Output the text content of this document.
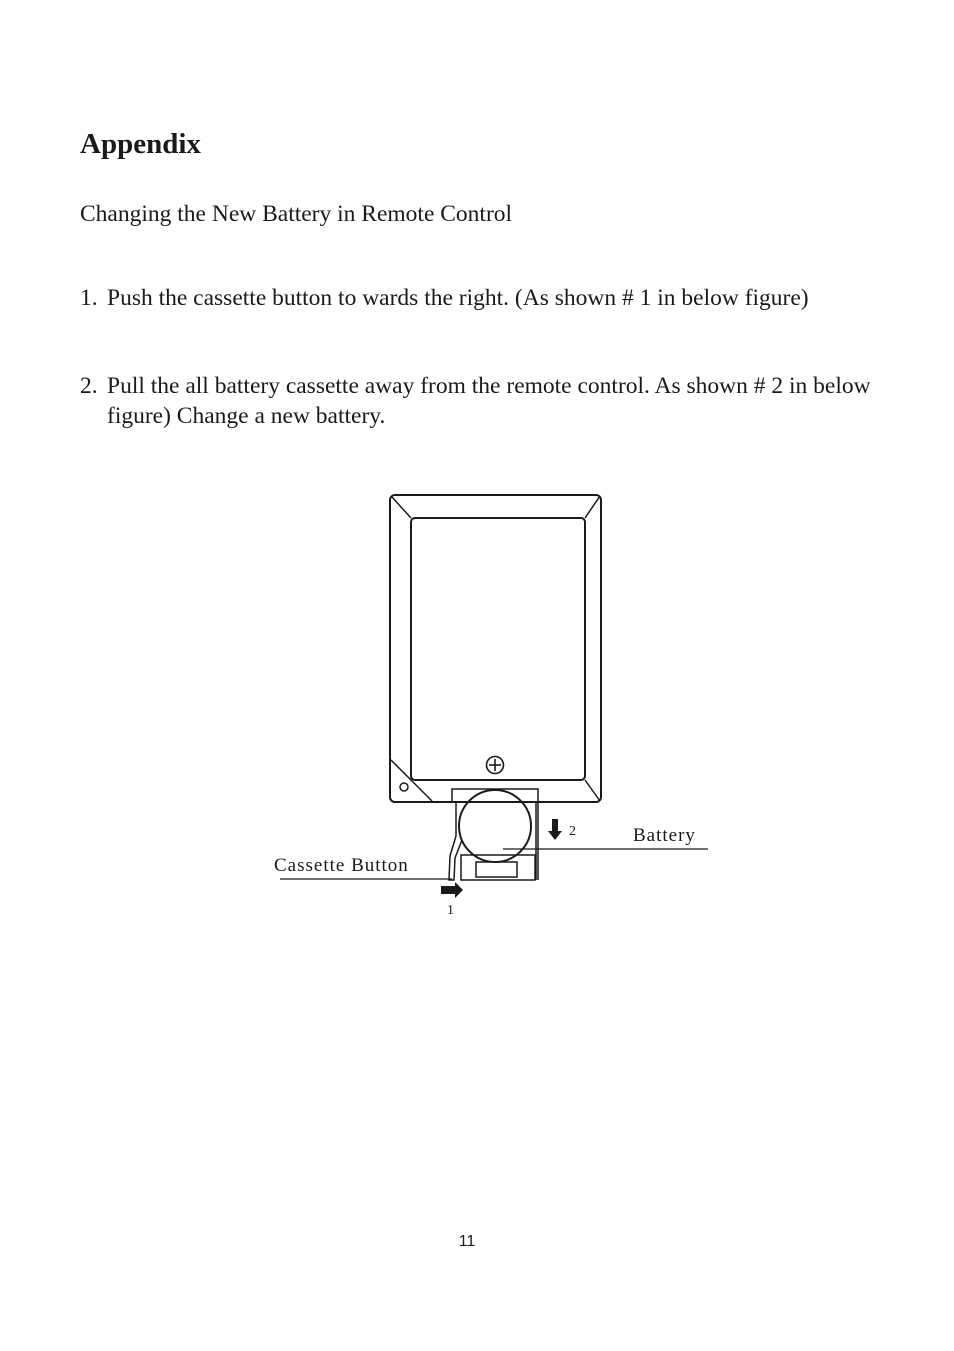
Appendix

Changing the New Battery in Remote Control

1. Push the cassette button to wards the right. (As shown # 1 in below figure)
2. Pull the all battery cassette away from the remote control. As shown # 2 in below figure) Change a new battery.
2
1
Battery
Cassette Button
11
